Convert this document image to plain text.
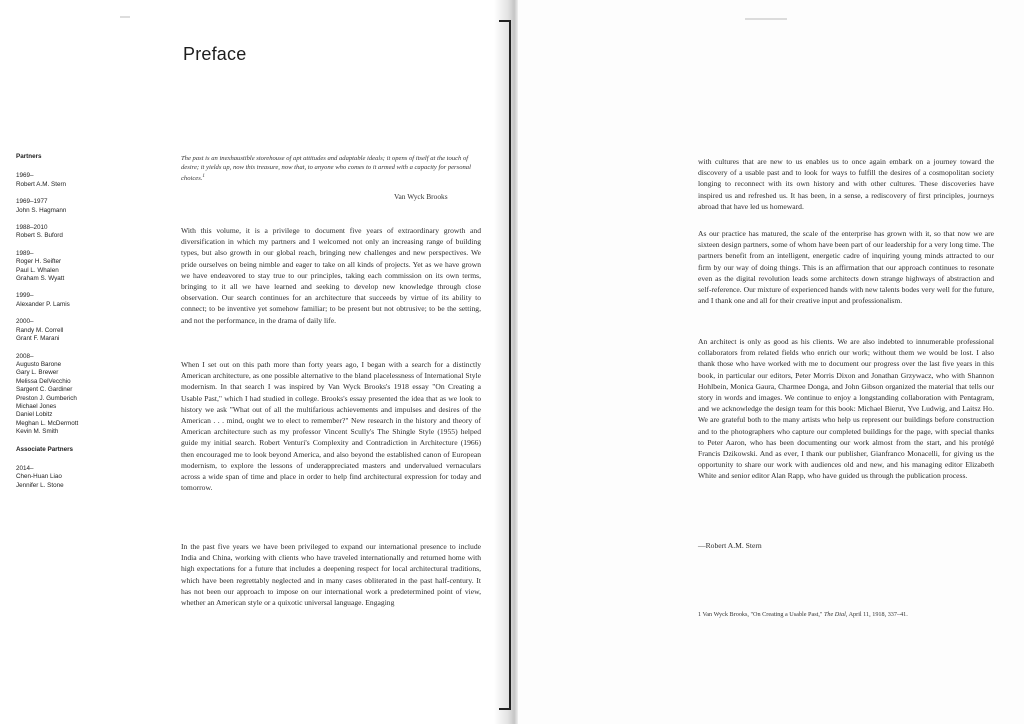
Preface
Partners
1969–
Robert A.M. Stern
1969–1977
John S. Hagmann
1988–2010
Robert S. Buford
1989–
Roger H. Seifter
Paul L. Whalen
Graham S. Wyatt
1999–
Alexander P. Lamis
2000–
Randy M. Correll
Grant F. Marani
2008–
Augusto Barone
Gary L. Brewer
Melissa DelVecchio
Sargent C. Gardiner
Preston J. Gumberich
Michael Jones
Daniel Lobitz
Meghan L. McDermott
Kevin M. Smith
Associate Partners
2014–
Chen-Huan Liao
Jennifer L. Stone
The past is an inexhaustible storehouse of apt attitudes and adaptable ideals; it opens of itself at the touch of desire; it yields up, now this treasure, now that, to anyone who comes to it armed with a capacity for personal choices.$^1$
Van Wyck Brooks

With this volume, it is a privilege to document five years of extraordinary growth and diversification in which my partners and I welcomed not only an increasing range of building types, but also growth in our global reach, bringing new challenges and new perspectives. We pride ourselves on being nimble and eager to take on all kinds of projects. Yet as we have grown we have endeavored to stay true to our principles, taking each commission on its own terms, bringing to it all we have learned and seeking to develop new knowledge through close observation. Our search continues for an architecture that succeeds by virtue of its ability to connect; to be inventive yet somehow familiar; to be present but not obtrusive; to be the setting, and not the performance, in the drama of daily life.

When I set out on this path more than forty years ago, I began with a search for a distinctly American architecture, as one possible alternative to the bland placelessness of International Style modernism. In that search I was inspired by Van Wyck Brooks's 1918 essay "On Creating a Usable Past," which I had studied in college. Brooks's essay presented the idea that as we look to history we ask "What out of all the multifarious achievements and impulses and desires of the American . . . mind, ought we to elect to remember?" New research in the history and theory of American architecture such as my professor Vincent Scully's The Shingle Style (1955) helped guide my initial search. Robert Venturi's Complexity and Contradiction in Architecture (1966) then encouraged me to look beyond America, and also beyond the established canon of European modernism, to explore the lessons of underappreciated masters and undervalued vernaculars across a wide span of time and place in order to help find architectural expression for today and tomorrow.

In the past five years we have been privileged to expand our international presence to include India and China, working with clients who have traveled internationally and returned home with high expectations for a future that includes a deepening respect for local architectural traditions, which have been regrettably neglected and in many cases obliterated in the past half-century. It has not been our approach to impose on our international work a predetermined point of view, whether an American style or a quixotic universal language. Engaging

with cultures that are new to us enables us to once again embark on a journey toward the discovery of a usable past and to look for ways to fulfill the desires of a cosmopolitan society longing to reconnect with its own history and with other cultures. These discoveries have inspired us and refreshed us. It has been, in a sense, a rediscovery of first principles, journeys abroad that have led us homeward.

As our practice has matured, the scale of the enterprise has grown with it, so that now we are sixteen design partners, some of whom have been part of our leadership for a very long time. The partners benefit from an intelligent, energetic cadre of inquiring young minds attracted to our firm by our way of doing things. This is an affirmation that our approach continues to resonate even as the digital revolution leads some architects down strange highways of abstraction and self-reference. Our mixture of experienced hands with new talents bodes very well for the future, and I thank one and all for their creative input and professionalism.

An architect is only as good as his clients. We are also indebted to innumerable professional collaborators from related fields who enrich our work; without them we would be lost. I also thank those who have worked with me to document our progress over the last five years in this book, in particular our editors, Peter Morris Dixon and Jonathan Grzywacz, who with Shannon Hohlbein, Monica Gaura, Charmee Donga, and John Gibson organized the material that tells our story in words and images. We continue to enjoy a longstanding collaboration with Pentagram, and we acknowledge the design team for this book: Michael Bierut, Yve Ludwig, and Laitsz Ho. We are grateful both to the many artists who help us represent our buildings before construction and to the photographers who capture our completed buildings for the page, with special thanks to Peter Aaron, who has been documenting our work almost from the start, and his protégé Francis Dzikowski. And as ever, I thank our publisher, Gianfranco Monacelli, for giving us the opportunity to share our work with audiences old and new, and his managing editor Elizabeth White and senior editor Alan Rapp, who have guided us through the publication process.

—Robert A.M. Stern
1 Van Wyck Brooks, "On Creating a Usable Past," The Dial, April 11, 1918, 337–41.
